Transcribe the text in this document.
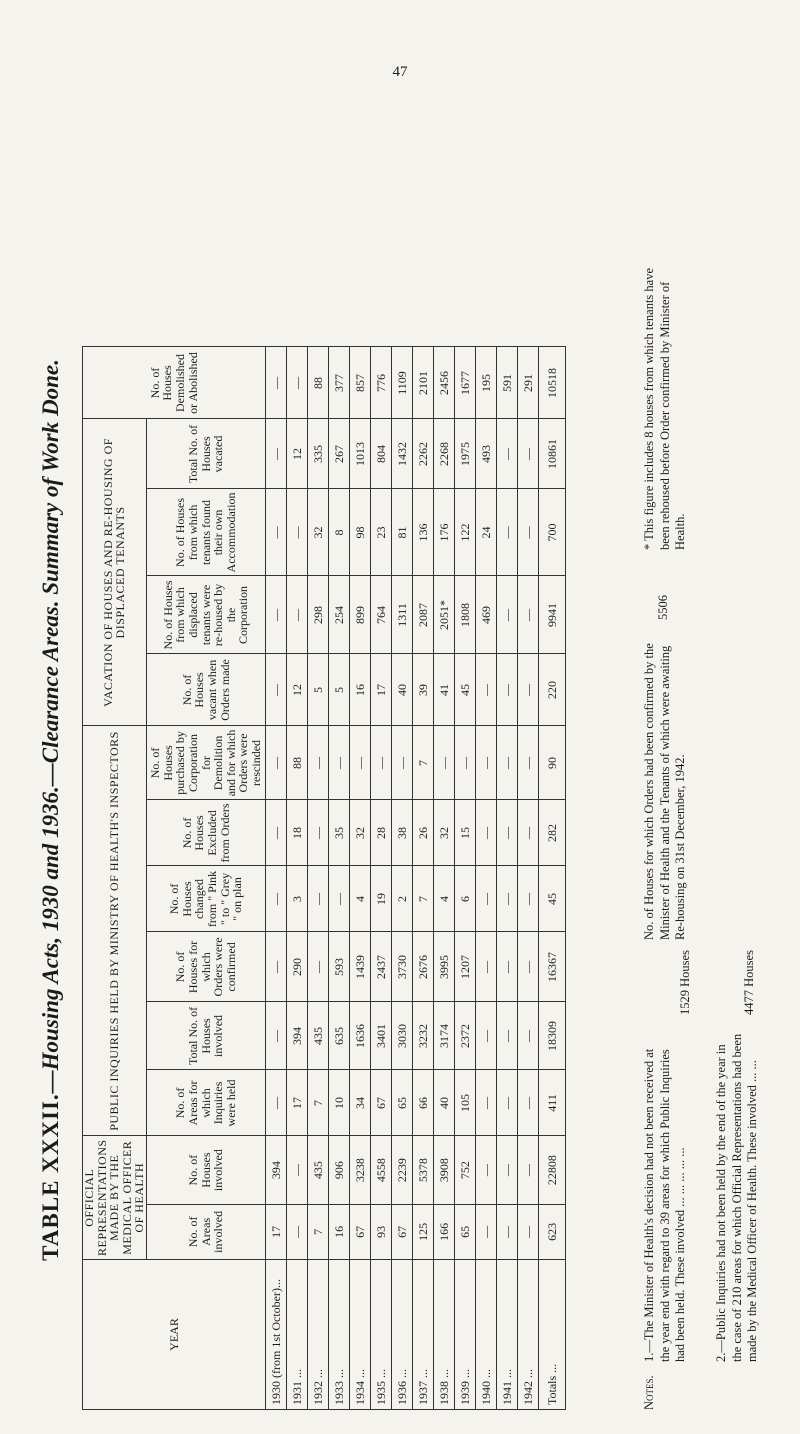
47
TABLE XXXII.—Housing Acts, 1930 and 1936.—Clearance Areas. Summary of Work Done.
YEAR	OFFICIAL REPRESENTATIONS MADE BY THE MEDICAL OFFICER OF HEALTH		PUBLIC INQUIRIES HELD BY MINISTRY OF HEALTH'S INSPECTORS						VACATION OF HOUSES AND RE-HOUSING OF DISPLACED TENANTS				No. of Houses Demolished or Abolished
	No. of Areas involved	No. of Houses involved	No. of Areas for which Inquiries were held	Total No. of Houses involved	No. of Houses for which Orders were confirmed	No. of Houses changed from " Pink " to " Grey " on plan	No. of Houses Excluded from Orders	No. of Houses purchased by Corporation for Demolition and for which Orders were rescinded	No. of Houses vacant when Orders made	No. of Houses from which displaced tenants were re-housed by the Corporation	No. of Houses from which tenants found their own Accommodation	Total No. of Houses vacated	
1930 (from 1st October)...	17	394	—	—	—	—	—	—	—	—	—	—	—
1931 ...	—	—	17	394	290	3	18	88	12	—	—	12	—
1932 ...	7	435	7	435	—	—	—	—	5	298	32	335	88
1933 ...	16	906	10	635	593	—	35	—	5	254	8	267	377
1934 ...	67	3238	34	1636	1439	4	32	—	16	899	98	1013	857
1935 ...	93	4558	67	3401	2437	19	28	—	17	764	23	804	776
1936 ...	67	2239	65	3030	3730	2	38	—	40	1311	81	1432	1109
1937 ...	125	5378	66	3232	2676	7	26	7	39	2087	136	2262	2101
1938 ...	166	3908	40	3174	3995	4	32	—	41	2051*	176	2268	2456
1939 ...	65	752	105	2372	1207	6	15	—	45	1808	122	1975	1677
1940 ...	—	—	—	—	—	—	—	—	—	469	24	493	195
1941 ...	—	—	—	—	—	—	—	—	—	—	—	—	591
1942 ...	—	—	—	—	—	—	—	—	—	—	—	—	291
Totals ...	623	22808	411	18309	16367	45	282	90	220	9941	700	10861	10518
Notes.
1.—The Minister of Health's decision had not been received at the year end with regard to 39 areas for which Public Inquiries had been held. These involved ... ... ... ... ...
1529 Houses
2.—Public Inquiries had not been held by the end of the year in the case of 210 areas for which Official Representations had been made by the Medical Officer of Health. These involved ... ...
4477 Houses
No. of Houses for which Orders had been confirmed by the Minister of Health and the Tenants of which were awaiting Re-housing on 31st December, 1942.
5506
* This figure includes 8 houses from which tenants have been rehoused before Order confirmed by Minister of Health.
